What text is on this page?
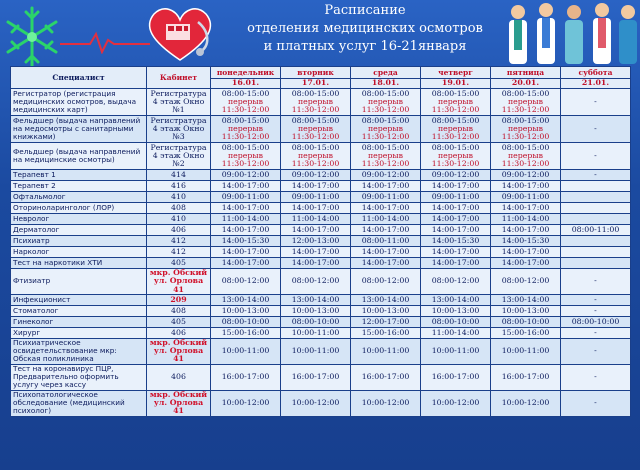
Расписание
отделения медицинских осмотров
и платных услуг 16-21января
Специалист	Кабинет	понедельник	вторник	среда	четверг	пятница	суббота
		16.01.	17.01.	18.01.	19.01.	20.01.	21.01.
Регистратор (регистрация медицинских осмотров, выдача медицинских карт)	Регистратура 4 этаж Окно №1	08:00-15:00
перерыв
11:30-12:00	08:00-15:00
перерыв
11:30-12:00	08:00-15:00
перерыв
11:30-12:00	08:00-15:00
перерыв
11:30-12:00	08:00-15:00
перерыв
11:30-12:00	-

Фельдшер (выдача направлений на медосмотры с санитарными книжками)	Регистратура 4 этаж Окно №3	08:00-15:00
перерыв
11:30-12:00	08:00-15:00
перерыв
11:30-12:00	08:00-15:00
перерыв
11:30-12:00	08:00-15:00
перерыв
11:30-12:00	08:00-15:00
перерыв
11:30-12:00	-

Фельдшер (выдача направлений на медицинские осмотры)	Регистратура 4 этаж Окно №2	08:00-15:00
перерыв
11:30-12:00	08:00-15:00
перерыв
11:30-12:00	08:00-15:00
перерыв
11:30-12:00	08:00-15:00
перерыв
11:30-12:00	08:00-15:00
перерыв
11:30-12:00	-

Терапевт 1	414	09:00-12:00	09:00-12:00	09:00-12:00	09:00-12:00	09:00-12:00	-

Терапевт 2	416	14:00-17:00	14:00-17:00	14:00-17:00	14:00-17:00	14:00-17:00	

Офтальмолог	410	09:00-11:00	09:00-11:00	09:00-11:00	09:00-11:00	09:00-11:00	

Оториноларинголог (ЛОР)	408	14:00-17:00	14:00-17:00	14:00-17:00	14:00-17:00	14:00-17:00	

Невролог	410	11:00-14:00	11:00-14:00	11:00-14:00	14:00-17:00	11:00-14:00	

Дерматолог	406	14:00-17:00	14:00-17:00	14:00-17:00	14:00-17:00	14:00-17:00	08:00-11:00

Психиатр	412	14:00-15:30	12:00-13:00	08:00-11:00	14:00-15:30	14:00-15:30	

Нарколог	412	14:00-17:00	14:00-17:00	14:00-17:00	14:00-17:00	14:00-17:00	

Тест на наркотики ХТИ	405	14:00-17:00	14:00-17:00	14:00-17:00	14:00-17:00	14:00-17:00	

Фтизиатр	мкр. Обский ул. Орлова 41	08:00-12:00	08:00-12:00	08:00-12:00	08:00-12:00	08:00-12:00	-

Инфекционист	209	13:00-14:00	13:00-14:00	13:00-14:00	13:00-14:00	13:00-14:00	-

Стоматолог	408	10:00-13:00	10:00-13:00	10:00-13:00	10:00-13:00	10:00-13:00	-

Гинеколог	405	08:00-10:00	08:00-10:00	12:00-17:00	08:00-10:00	08:00-10:00	08:00-10:00

Хирург	406	15:00-16:00	10:00-11:00	15:00-16:00	11:00-14:00	15:00-16:00	-

Психиатрическое освидетельствование мкр: Обская поликлиника	мкр. Обский ул. Орлова 41	10:00-11:00	10:00-11:00	10:00-11:00	10:00-11:00	10:00-11:00	-

Тест на коронавирус ПЦР, Предварительно оформить услугу через кассу	406	16:00-17:00	16:00-17:00	16:00-17:00	16:00-17:00	16:00-17:00	-

Психопатологическое обследование (медицинский психолог)	мкр. Обский ул. Орлова 41	10:00-12:00	10:00-12:00	10:00-12:00	10:00-12:00	10:00-12:00	-
